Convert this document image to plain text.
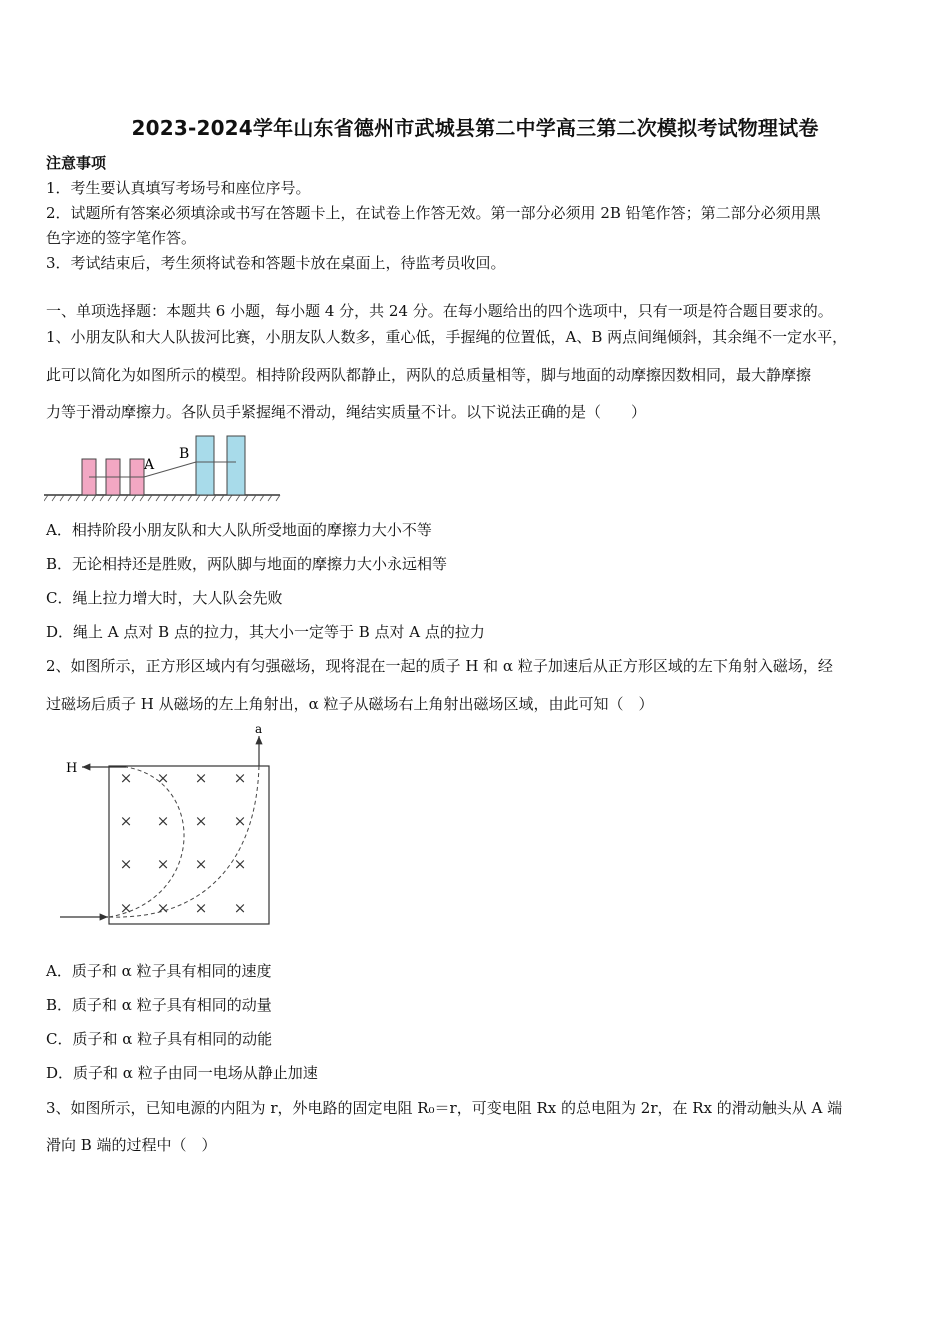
2023-2024学年山东省德州市武城县第二中学高三第二次模拟考试物理试卷
注意事项
1．考生要认真填写考场号和座位序号。
2．试题所有答案必须填涂或书写在答题卡上，在试卷上作答无效。第一部分必须用 2B 铅笔作答；第二部分必须用黑
色字迹的签字笔作答。
3．考试结束后，考生须将试卷和答题卡放在桌面上，待监考员收回。
一、单项选择题：本题共 6 小题，每小题 4 分，共 24 分。在每小题给出的四个选项中，只有一项是符合题目要求的。
1、小朋友队和大人队拔河比赛，小朋友队人数多，重心低，手握绳的位置低，A、B 两点间绳倾斜，其余绳不一定水平，
此可以简化为如图所示的模型。相持阶段两队都静止，两队的总质量相等，脚与地面的动摩擦因数相同，最大静摩擦
力等于滑动摩擦力。各队员手紧握绳不滑动，绳结实质量不计。以下说法正确的是（　　）
A
B
A．相持阶段小朋友队和大人队所受地面的摩擦力大小不等
B．无论相持还是胜败，两队脚与地面的摩擦力大小永远相等
C．绳上拉力增大时，大人队会先败
D．绳上 A 点对 B 点的拉力，其大小一定等于 B 点对 A 点的拉力
2、如图所示，正方形区域内有匀强磁场，现将混在一起的质子 H 和 α 粒子加速后从正方形区域的左下角射入磁场，经
过磁场后质子 H 从磁场的左上角射出，α 粒子从磁场右上角射出磁场区域，由此可知（　）
H
a
× × × ×
× × × ×
× × × ×
× × × ×
A．质子和 α 粒子具有相同的速度
B．质子和 α 粒子具有相同的动量
C．质子和 α 粒子具有相同的动能
D．质子和 α 粒子由同一电场从静止加速
3、如图所示，已知电源的内阻为 r，外电路的固定电阻 R₀＝r，可变电阻 Rx 的总电阻为 2r，在 Rx 的滑动触头从 A 端
滑向 B 端的过程中（　）
